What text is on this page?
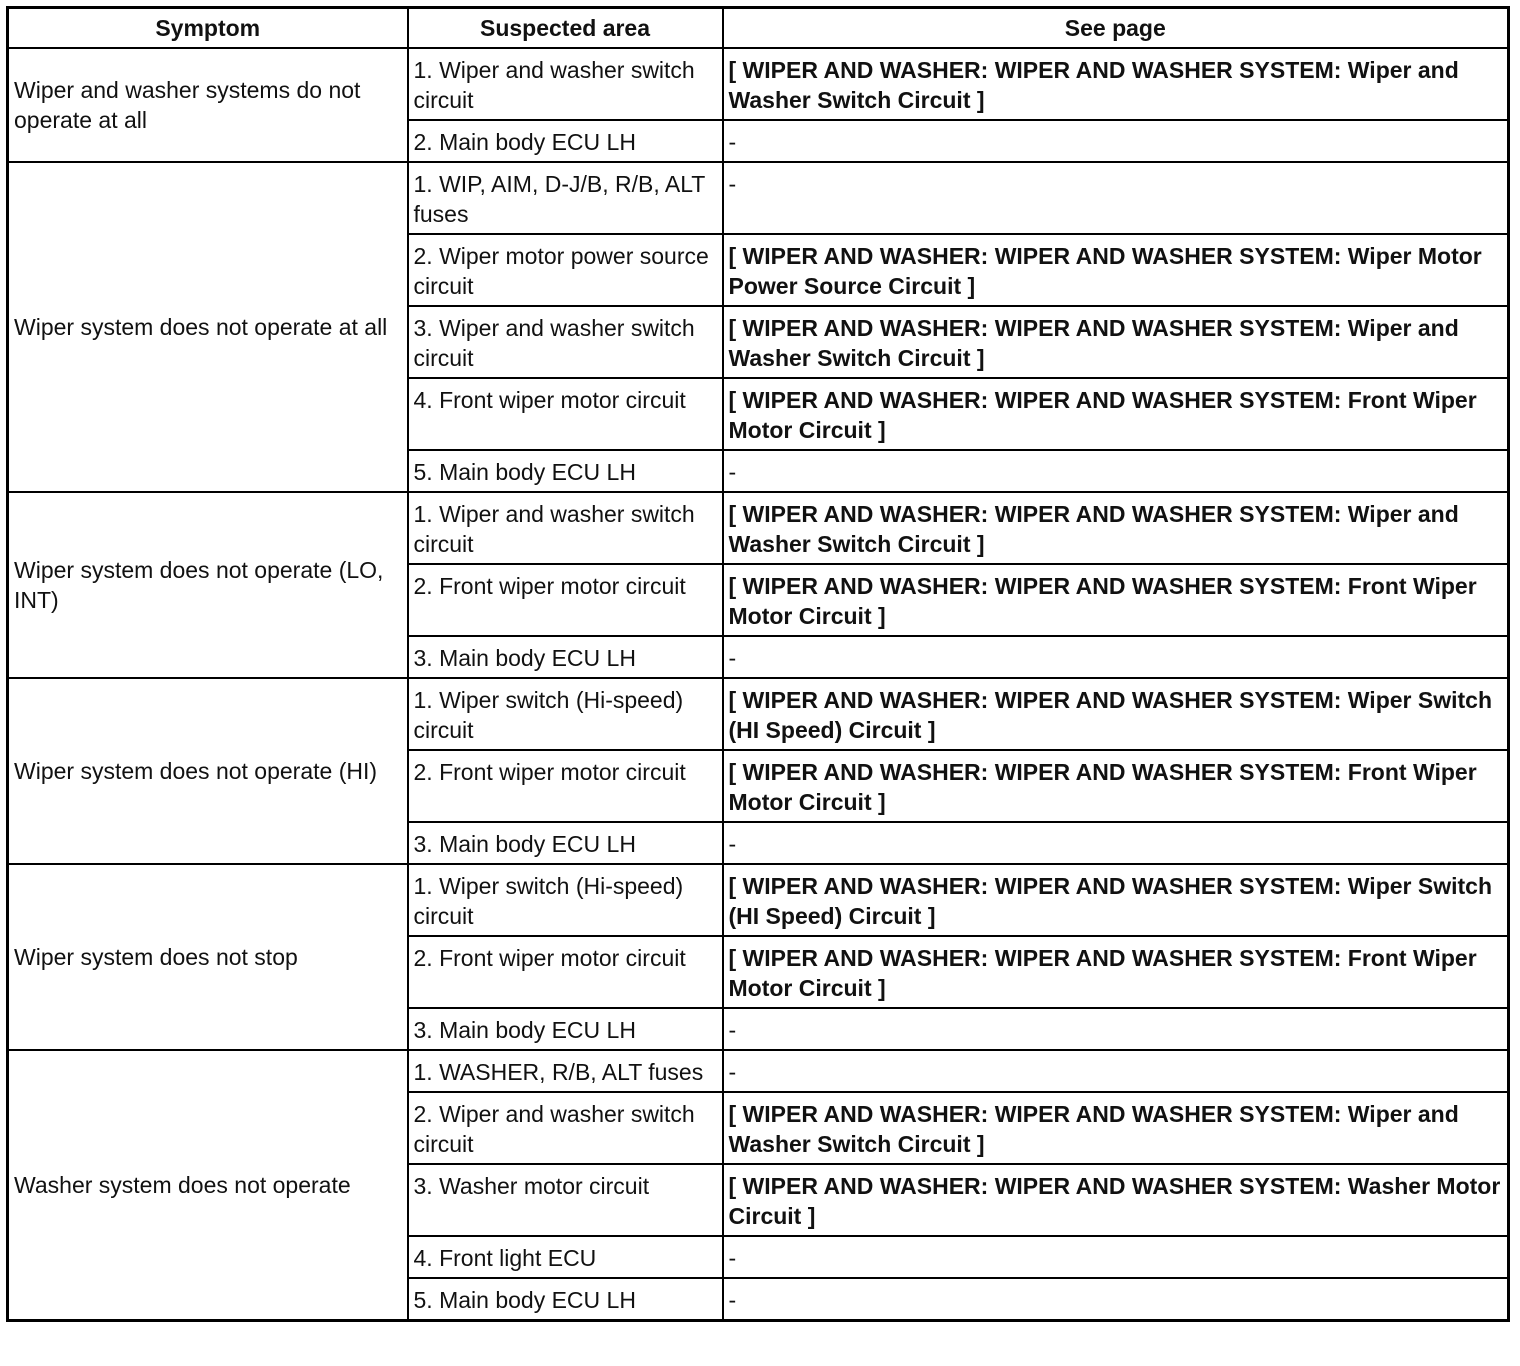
Symptom	Suspected area	See page
Wiper and washer systems do not operate at all	1. Wiper and washer switch circuit	[ WIPER AND WASHER: WIPER AND WASHER SYSTEM: Wiper and Washer Switch Circuit ]
	2. Main body ECU LH	-
Wiper system does not operate at all	1. WIP, AIM, D-J/B, R/B, ALT fuses	-
	2. Wiper motor power source circuit	[ WIPER AND WASHER: WIPER AND WASHER SYSTEM: Wiper Motor Power Source Circuit ]
	3. Wiper and washer switch circuit	[ WIPER AND WASHER: WIPER AND WASHER SYSTEM: Wiper and Washer Switch Circuit ]
	4. Front wiper motor circuit	[ WIPER AND WASHER: WIPER AND WASHER SYSTEM: Front Wiper Motor Circuit ]
	5. Main body ECU LH	-
Wiper system does not operate (LO, INT)	1. Wiper and washer switch circuit	[ WIPER AND WASHER: WIPER AND WASHER SYSTEM: Wiper and Washer Switch Circuit ]
	2. Front wiper motor circuit	[ WIPER AND WASHER: WIPER AND WASHER SYSTEM: Front Wiper Motor Circuit ]
	3. Main body ECU LH	-
Wiper system does not operate (HI)	1. Wiper switch (Hi-speed) circuit	[ WIPER AND WASHER: WIPER AND WASHER SYSTEM: Wiper Switch (HI Speed) Circuit ]
	2. Front wiper motor circuit	[ WIPER AND WASHER: WIPER AND WASHER SYSTEM: Front Wiper Motor Circuit ]
	3. Main body ECU LH	-
Wiper system does not stop	1. Wiper switch (Hi-speed) circuit	[ WIPER AND WASHER: WIPER AND WASHER SYSTEM: Wiper Switch (HI Speed) Circuit ]
	2. Front wiper motor circuit	[ WIPER AND WASHER: WIPER AND WASHER SYSTEM: Front Wiper Motor Circuit ]
	3. Main body ECU LH	-
Washer system does not operate	1. WASHER, R/B, ALT fuses	-
	2. Wiper and washer switch circuit	[ WIPER AND WASHER: WIPER AND WASHER SYSTEM: Wiper and Washer Switch Circuit ]
	3. Washer motor circuit	[ WIPER AND WASHER: WIPER AND WASHER SYSTEM: Washer Motor Circuit ]
	4. Front light ECU	-
	5. Main body ECU LH	-
